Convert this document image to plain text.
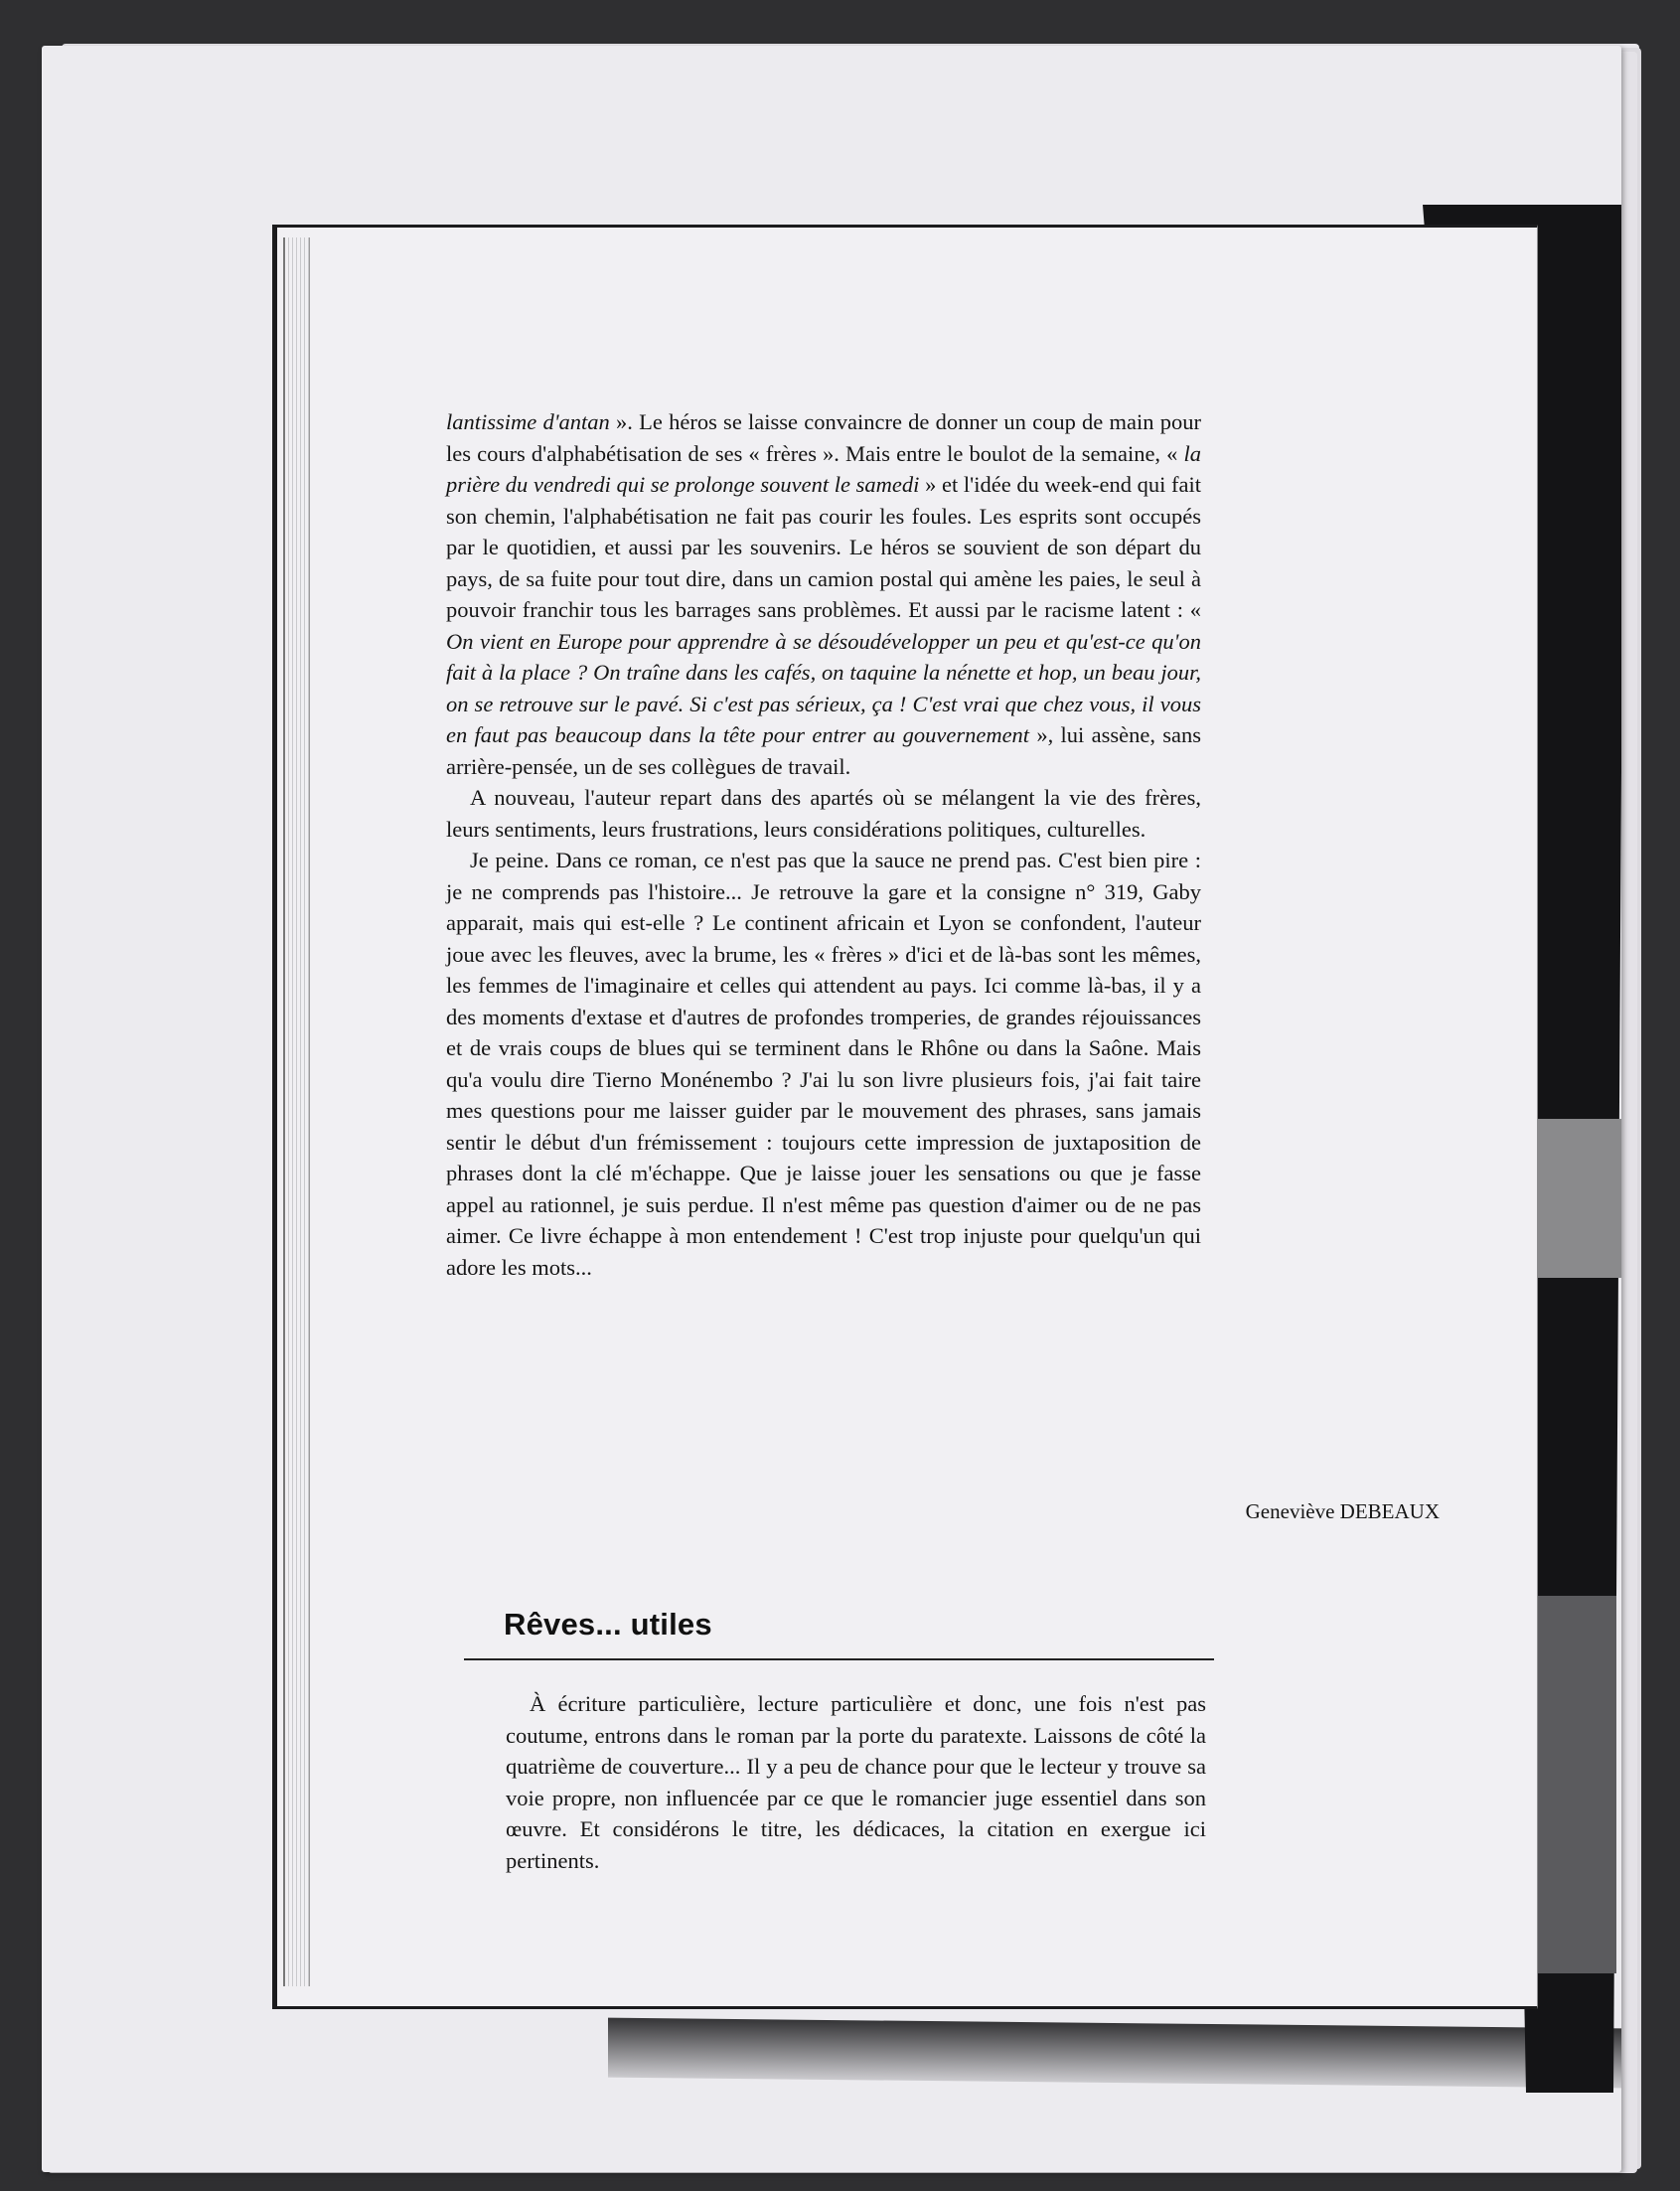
lantissime d'antan ». Le héros se laisse convaincre de donner un coup de main pour les cours d'alphabétisation de ses « frères ». Mais entre le boulot de la semaine, « la prière du vendredi qui se prolonge souvent le samedi » et l'idée du week-end qui fait son chemin, l'alphabétisation ne fait pas courir les foules. Les esprits sont occupés par le quotidien, et aussi par les souvenirs. Le héros se souvient de son départ du pays, de sa fuite pour tout dire, dans un camion postal qui amène les paies, le seul à pouvoir franchir tous les barrages sans problèmes. Et aussi par le racisme latent : « On vient en Europe pour apprendre à se désoudévelopper un peu et qu'est-ce qu'on fait à la place ? On traîne dans les cafés, on taquine la nénette et hop, un beau jour, on se retrouve sur le pavé. Si c'est pas sérieux, ça ! C'est vrai que chez vous, il vous en faut pas beaucoup dans la tête pour entrer au gouvernement », lui assène, sans arrière-pensée, un de ses collègues de travail.

A nouveau, l'auteur repart dans des apartés où se mélangent la vie des frères, leurs sentiments, leurs frustrations, leurs considérations politiques, culturelles.

Je peine. Dans ce roman, ce n'est pas que la sauce ne prend pas. C'est bien pire : je ne comprends pas l'histoire... Je retrouve la gare et la consigne n° 319, Gaby apparait, mais qui est-elle ? Le continent africain et Lyon se confondent, l'auteur joue avec les fleuves, avec la brume, les « frères » d'ici et de là-bas sont les mêmes, les femmes de l'imaginaire et celles qui attendent au pays. Ici comme là-bas, il y a des moments d'extase et d'autres de profondes tromperies, de grandes réjouissances et de vrais coups de blues qui se terminent dans le Rhône ou dans la Saône. Mais qu'a voulu dire Tierno Monénembo ? J'ai lu son livre plusieurs fois, j'ai fait taire mes questions pour me laisser guider par le mouvement des phrases, sans jamais sentir le début d'un frémissement : toujours cette impression de juxtaposition de phrases dont la clé m'échappe. Que je laisse jouer les sensations ou que je fasse appel au rationnel, je suis perdue. Il n'est même pas question d'aimer ou de ne pas aimer. Ce livre échappe à mon entendement ! C'est trop injuste pour quelqu'un qui adore les mots...

Geneviève DEBEAUX
Rêves... utiles

À écriture particulière, lecture particulière et donc, une fois n'est pas coutume, entrons dans le roman par la porte du paratexte. Laissons de côté la quatrième de couverture... Il y a peu de chance pour que le lecteur y trouve sa voie propre, non influencée par ce que le romancier juge essentiel dans son œuvre. Et considérons le titre, les dédicaces, la citation en exergue ici pertinents.
